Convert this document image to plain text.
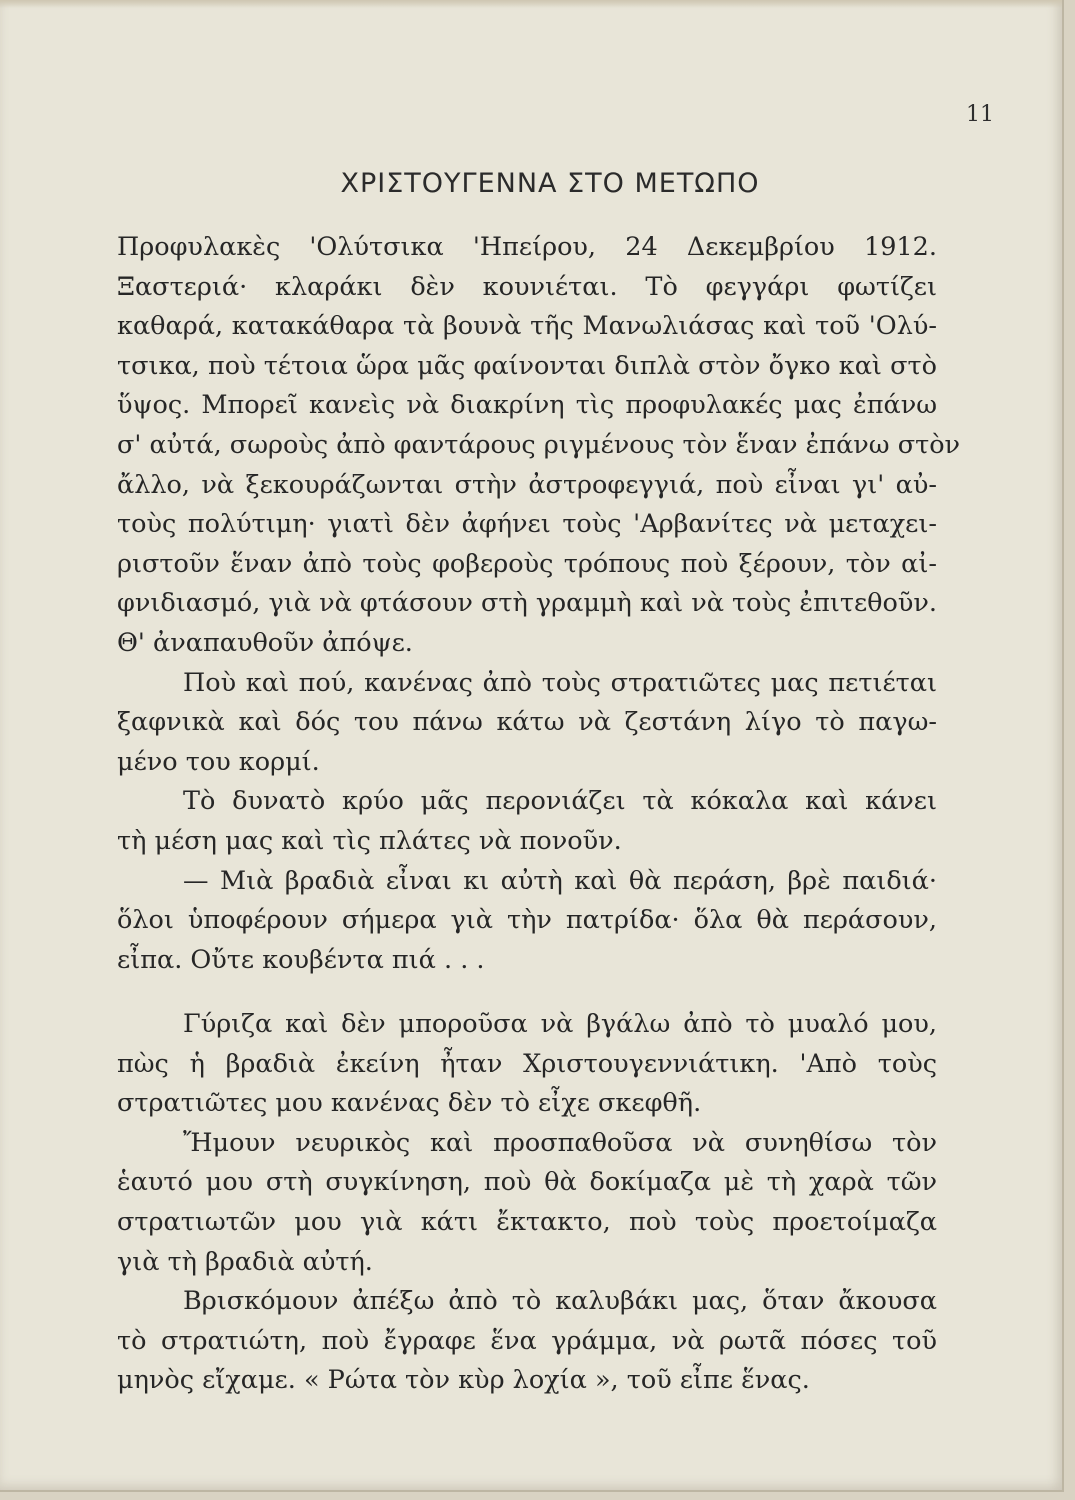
11
ΧΡΙΣΤΟΥΓΕΝΝΑ ΣΤΟ ΜΕΤΩΠΟ
Προφυλακὲς 'Ολύτσικα 'Ηπείρου, 24 Δεκεμβρίου 1912.
Ξαστεριά· κλαράκι δὲν κουνιέται. Τὸ φεγγάρι φωτίζει
καθαρά, κατακάθαρα τὰ βουνὰ τῆς Μανωλιάσας καὶ τοῦ 'Ολύ-
τσικα, ποὺ τέτοια ὥρα μᾶς φαίνονται διπλὰ στὸν ὄγκο καὶ στὸ
ὕψος. Μπορεῖ κανεὶς νὰ διακρίνη τὶς προφυλακές μας ἐπάνω
σ' αὐτά, σωροὺς ἀπὸ φαντάρους ριγμένους τὸν ἕναν ἐπάνω στὸν
ἄλλο, νὰ ξεκουράζωνται στὴν ἀστροφεγγιά, ποὺ εἶναι γι' αὐ-
τοὺς πολύτιμη· γιατὶ δὲν ἀφήνει τοὺς 'Αρβανίτες νὰ μεταχει-
ριστοῦν ἕναν ἀπὸ τοὺς φοβεροὺς τρόπους ποὺ ξέρουν, τὸν αἰ-
φνιδιασμό, γιὰ νὰ φτάσουν στὴ γραμμὴ καὶ νὰ τοὺς ἐπιτεθοῦν.
Θ' ἀναπαυθοῦν ἀπόψε.
Ποὺ καὶ πού, κανένας ἀπὸ τοὺς στρατιῶτες μας πετιέται
ξαφνικὰ καὶ δός του πάνω κάτω νὰ ζεστάνη λίγο τὸ παγω-
μένο του κορμί.
Τὸ δυνατὸ κρύο μᾶς περονιάζει τὰ κόκαλα καὶ κάνει
τὴ μέση μας καὶ τὶς πλάτες νὰ πονοῦν.
— Μιὰ βραδιὰ εἶναι κι αὐτὴ καὶ θὰ περάση, βρὲ παιδιά·
ὅλοι ὑποφέρουν σήμερα γιὰ τὴν πατρίδα· ὅλα θὰ περάσουν,
εἶπα. Οὔτε κουβέντα πιά . . .
Γύριζα καὶ δὲν μποροῦσα νὰ βγάλω ἀπὸ τὸ μυαλό μου,
πὼς ἡ βραδιὰ ἐκείνη ἦταν Χριστουγεννιάτικη. 'Απὸ τοὺς
στρατιῶτες μου κανένας δὲν τὸ εἶχε σκεφθῆ.
Ἤμουν νευρικὸς καὶ προσπαθοῦσα νὰ συνηθίσω τὸν
ἑαυτό μου στὴ συγκίνηση, ποὺ θὰ δοκίμαζα μὲ τὴ χαρὰ τῶν
στρατιωτῶν μου γιὰ κάτι ἔκτακτο, ποὺ τοὺς προετοίμαζα
γιὰ τὴ βραδιὰ αὐτή.
Βρισκόμουν ἀπέξω ἀπὸ τὸ καλυβάκι μας, ὅταν ἄκουσα
τὸ στρατιώτη, ποὺ ἔγραφε ἕνα γράμμα, νὰ ρωτᾶ πόσες τοῦ
μηνὸς εἴχαμε. « Ρώτα τὸν κὺρ λοχία », τοῦ εἶπε ἕνας.
